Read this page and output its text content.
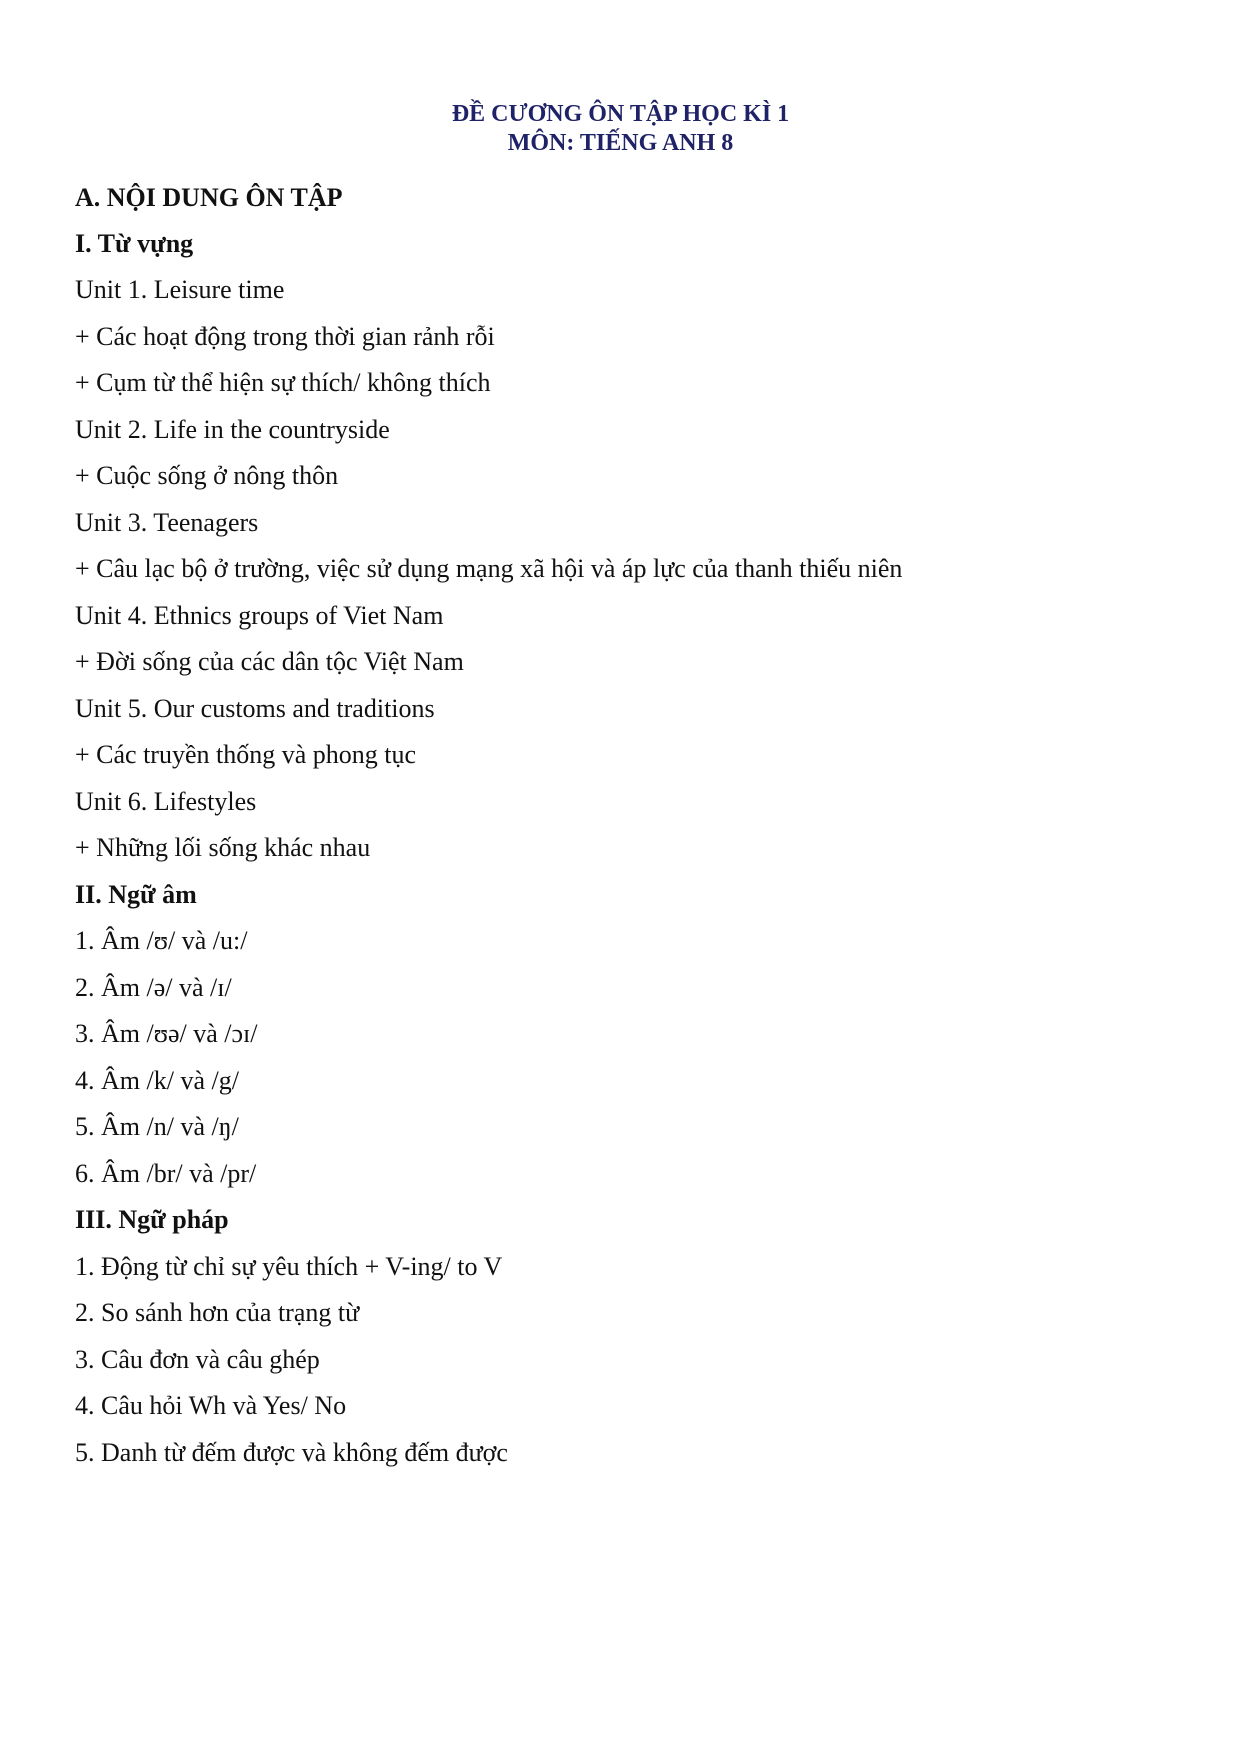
ĐỀ CƯƠNG ÔN TẬP HỌC KÌ 1
MÔN: TIẾNG ANH 8
A. NỘI DUNG ÔN TẬP
I. Từ vựng
Unit 1. Leisure time
+ Các hoạt động trong thời gian rảnh rỗi
+ Cụm từ thể hiện sự thích/ không thích
Unit 2. Life in the countryside
+ Cuộc sống ở nông thôn
Unit 3. Teenagers
+ Câu lạc bộ ở trường, việc sử dụng mạng xã hội và áp lực của thanh thiếu niên
Unit 4. Ethnics groups of Viet Nam
+ Đời sống của các dân tộc Việt Nam
Unit 5. Our customs and traditions
+ Các truyền thống và phong tục
Unit 6. Lifestyles
+ Những lối sống khác nhau
II. Ngữ âm
1. Âm /ʊ/ và /u:/
2. Âm /ə/ và /ɪ/
3. Âm /ʊə/ và /ɔɪ/
4. Âm /k/ và /g/
5. Âm /n/ và /ŋ/
6. Âm /br/ và /pr/
III. Ngữ pháp
1. Động từ chỉ sự yêu thích + V-ing/ to V
2. So sánh hơn của trạng từ
3. Câu đơn và câu ghép
4. Câu hỏi Wh và Yes/ No
5. Danh từ đếm được và không đếm được
